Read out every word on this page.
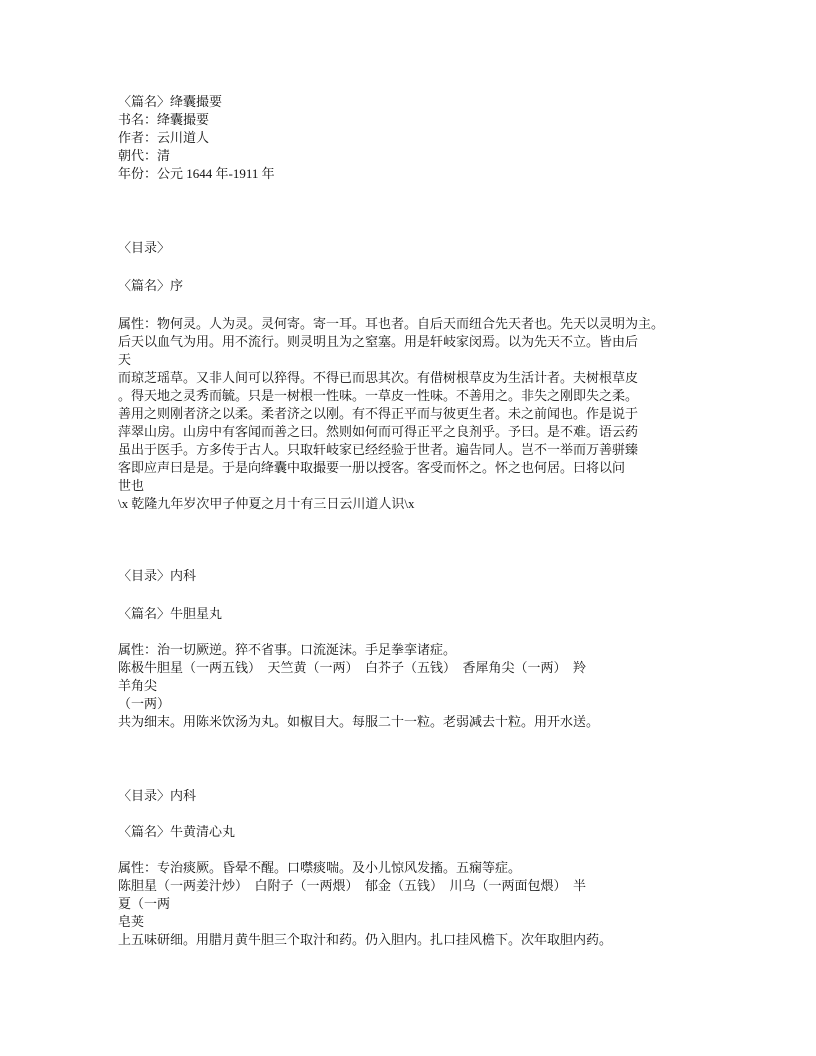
〈篇名〉绛囊撮要
书名：绛囊撮要
作者：云川道人
朝代：清
年份：公元 1644 年-1911 年
〈目录〉
〈篇名〉序
属性：物何灵。人为灵。灵何寄。寄一耳。耳也者。自后天而纽合先天者也。先天以灵明为主。
后天以血气为用。用不流行。则灵明且为之窒塞。用是轩岐家闵焉。以为先天不立。皆由后
天
而琼芝瑶草。又非人间可以猝得。不得已而思其次。有借树根草皮为生活计者。夫树根草皮
。得天地之灵秀而毓。只是一树根一性味。一草皮一性味。不善用之。非失之刚即失之柔。
善用之则刚者济之以柔。柔者济之以刚。有不得正平而与彼更生者。未之前闻也。作是说于
萍翠山房。山房中有客闻而善之曰。然则如何而可得正平之良剂乎。予曰。是不难。语云药
虽出于医手。方多传于古人。只取轩岐家已经经验于世者。遍告同人。岂不一举而万善骈臻
客即应声曰是是。于是向绛囊中取撮要一册以授客。客受而怀之。怀之也何居。曰将以问
世也
\x 乾隆九年岁次甲子仲夏之月十有三日云川道人识\x
〈目录〉内科
〈篇名〉牛胆星丸
属性：治一切厥逆。猝不省事。口流涎沫。手足拳挛诸症。
陈极牛胆星（一两五钱）  天竺黄（一两）  白芥子（五钱）  香犀角尖（一两）  羚
羊角尖
（一两）
共为细末。用陈米饮汤为丸。如椒目大。每服二十一粒。老弱减去十粒。用开水送。
〈目录〉内科
〈篇名〉牛黄清心丸
属性：专治痰厥。昏晕不醒。口噤痰喘。及小儿惊风发搐。五痫等症。
陈胆星（一两姜汁炒）  白附子（一两煨）  郁金（五钱）  川乌（一两面包煨）  半
夏（一两
皂荚
上五味研细。用腊月黄牛胆三个取汁和药。仍入胆内。扎口挂风檐下。次年取胆内药。
